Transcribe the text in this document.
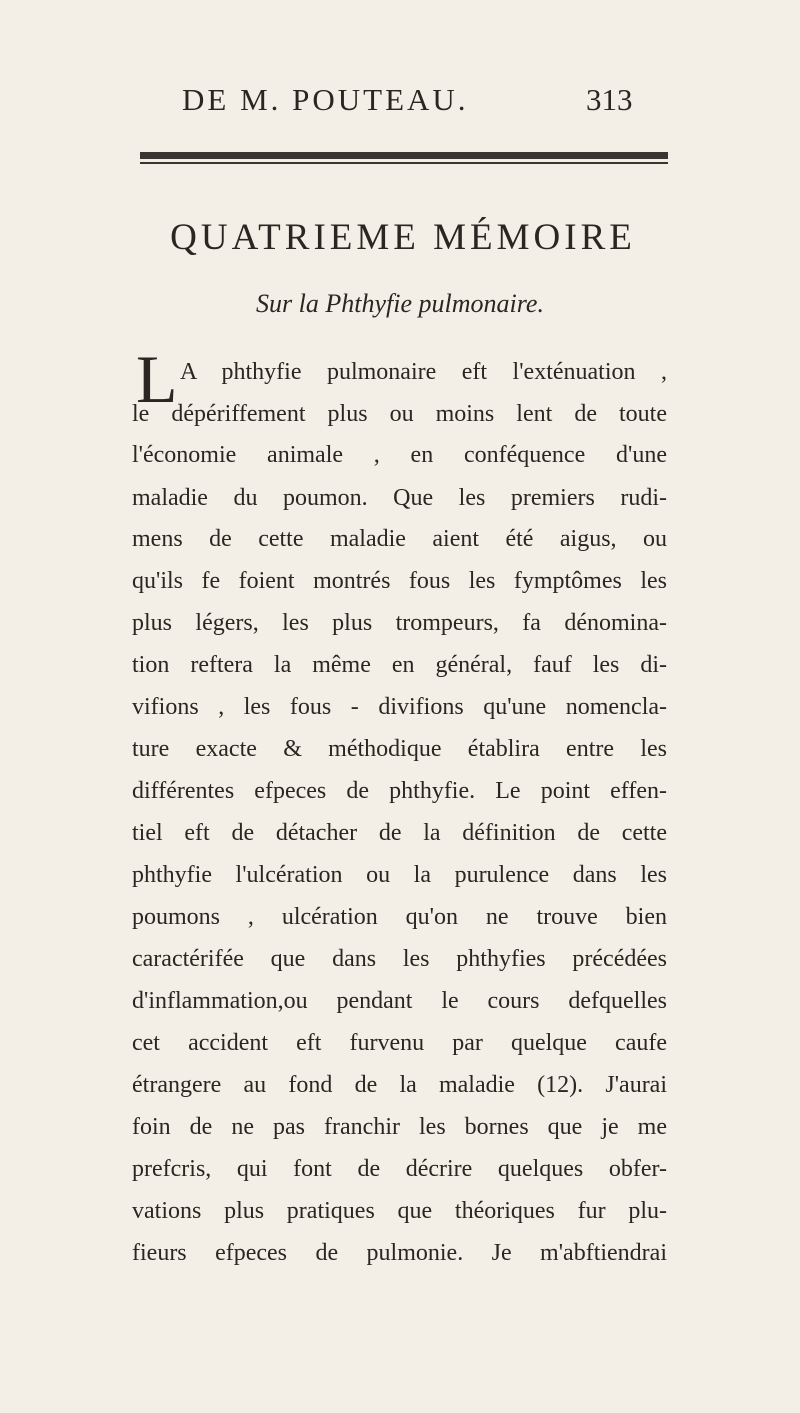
DE M. POUTEAU.	313
QUATRIEME MÉMOIRE
Sur la Phthyfie pulmonaire.
L A phthyfie pulmonaire eft l'exténuation ,
le dépériffement plus ou moins lent de toute
l'économie animale , en conféquence d'une
maladie du poumon. Que les premiers rudi-
mens de cette maladie aient été aigus, ou
qu'ils fe foient montrés fous les fymptômes les
plus légers, les plus trompeurs, fa dénomina-
tion reftera la même en général, fauf les di-
vifions , les fous - divifions qu'une nomencla-
ture exacte & méthodique établira entre les
différentes efpeces de phthyfie. Le point effen-
tiel eft de détacher de la définition de cette
phthyfie l'ulcération ou la purulence dans les
poumons , ulcération qu'on ne trouve bien
caractérifée que dans les phthyfies précédées
d'inflammation,ou pendant le cours defquelles
cet accident eft furvenu par quelque caufe
étrangere au fond de la maladie (12). J'aurai
foin de ne pas franchir les bornes que je me
prefcris, qui font de décrire quelques obfer-
vations plus pratiques que théoriques fur plu-
fieurs efpeces de pulmonie. Je m'abftiendrai
